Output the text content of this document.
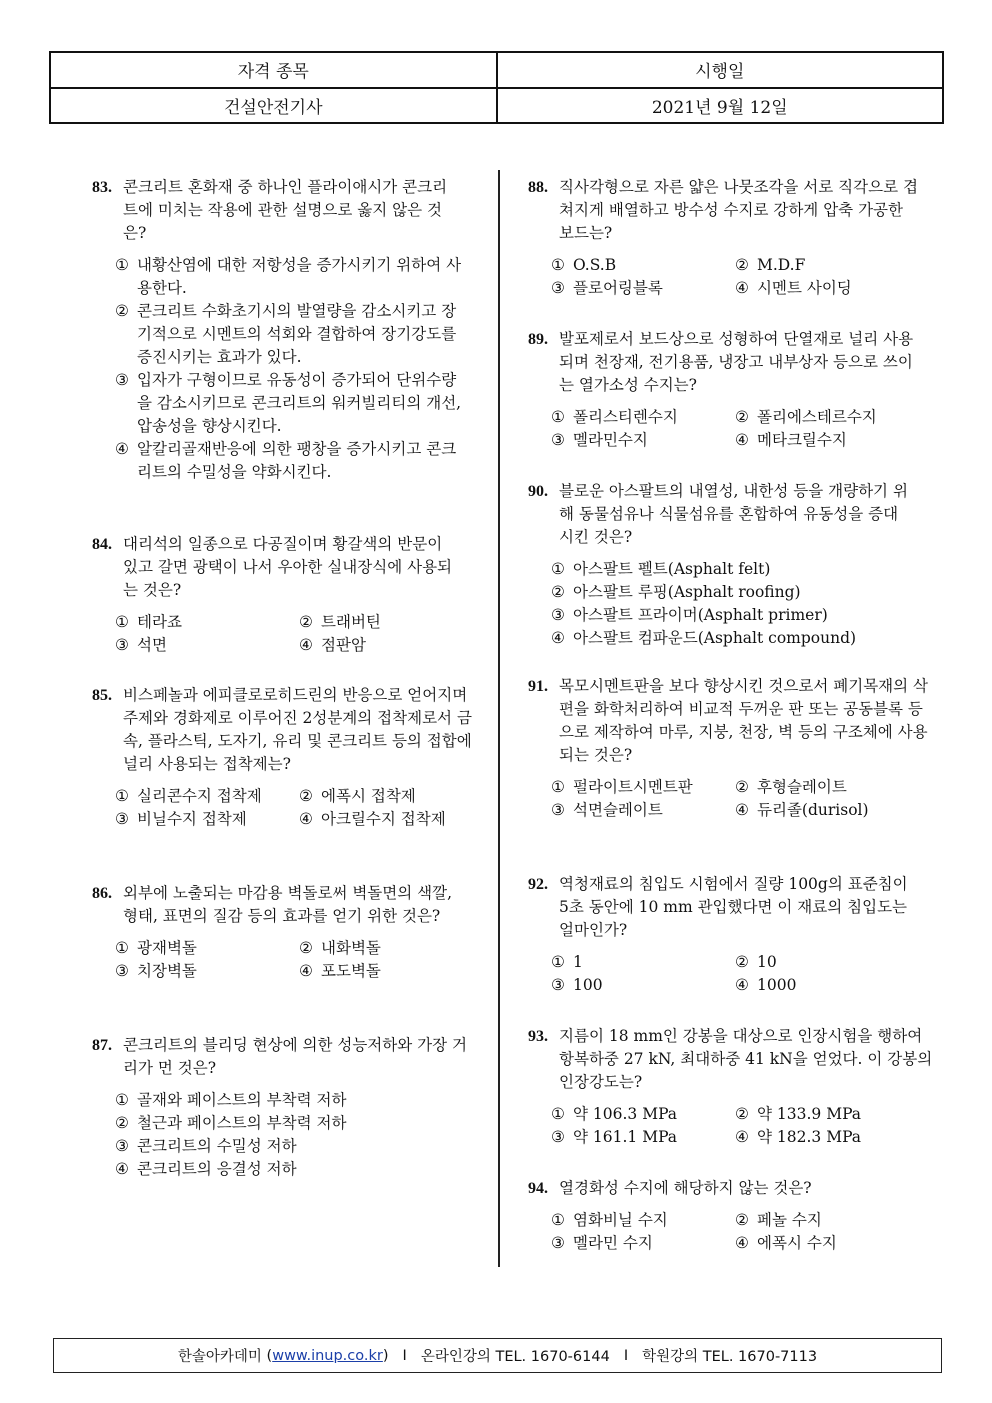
자격 종목	시행일
건설안전기사	2021년 9월 12일
83. 콘크리트 혼화재 중 하나인 플라이애시가 콘크리트에 미치는 작용에 관한 설명으로 옳지 않은 것은?
① 내황산염에 대한 저항성을 증가시키기 위하여 사용한다.
② 콘크리트 수화초기시의 발열량을 감소시키고 장기적으로 시멘트의 석회와 결합하여 장기강도를 증진시키는 효과가 있다.
③ 입자가 구형이므로 유동성이 증가되어 단위수량을 감소시키므로 콘크리트의 워커빌리티의 개선, 압송성을 향상시킨다.
④ 알칼리골재반응에 의한 팽창을 증가시키고 콘크리트의 수밀성을 약화시킨다.
84. 대리석의 일종으로 다공질이며 황갈색의 반문이 있고 갈면 광택이 나서 우아한 실내장식에 사용되는 것은?
① 테라죠	② 트래버틴
③ 석면	④ 점판암
85. 비스페놀과 에피클로로히드린의 반응으로 얻어지며 주제와 경화제로 이루어진 2성분계의 접착제로서 금속, 플라스틱, 도자기, 유리 및 콘크리트 등의 접합에 널리 사용되는 접착제는?
① 실리콘수지 접착제	② 에폭시 접착제
③ 비닐수지 접착제	④ 아크릴수지 접착제
86. 외부에 노출되는 마감용 벽돌로써 벽돌면의 색깔, 형태, 표면의 질감 등의 효과를 얻기 위한 것은?
① 광재벽돌	② 내화벽돌
③ 치장벽돌	④ 포도벽돌
87. 콘크리트의 블리딩 현상에 의한 성능저하와 가장 거리가 먼 것은?
① 골재와 페이스트의 부착력 저하
② 철근과 페이스트의 부착력 저하
③ 콘크리트의 수밀성 저하
④ 콘크리트의 응결성 저하
88. 직사각형으로 자른 얇은 나뭇조각을 서로 직각으로 겹쳐지게 배열하고 방수성 수지로 강하게 압축 가공한 보드는?
① O.S.B	② M.D.F
③ 플로어링블록	④ 시멘트 사이딩
89. 발포제로서 보드상으로 성형하여 단열재로 널리 사용되며 천장재, 전기용품, 냉장고 내부상자 등으로 쓰이는 열가소성 수지는?
① 폴리스티렌수지	② 폴리에스테르수지
③ 멜라민수지	④ 메타크릴수지
90. 블로운 아스팔트의 내열성, 내한성 등을 개량하기 위해 동물섬유나 식물섬유를 혼합하여 유동성을 증대시킨 것은?
① 아스팔트 펠트(Asphalt felt)
② 아스팔트 루핑(Asphalt roofing)
③ 아스팔트 프라이머(Asphalt primer)
④ 아스팔트 컴파운드(Asphalt compound)
91. 목모시멘트판을 보다 향상시킨 것으로서 폐기목재의 삭편을 화학처리하여 비교적 두꺼운 판 또는 공동블록 등으로 제작하여 마루, 지붕, 천장, 벽 등의 구조체에 사용되는 것은?
① 펄라이트시멘트판	② 후형슬레이트
③ 석면슬레이트	④ 듀리졸(durisol)
92. 역청재료의 침입도 시험에서 질량 100g의 표준침이 5초 동안에 10 mm 관입했다면 이 재료의 침입도는 얼마인가?
① 1	② 10
③ 100	④ 1000
93. 지름이 18 mm인 강봉을 대상으로 인장시험을 행하여 항복하중 27 kN, 최대하중 41 kN을 얻었다. 이 강봉의 인장강도는?
① 약 106.3 MPa	② 약 133.9 MPa
③ 약 161.1 MPa	④ 약 182.3 MPa
94. 열경화성 수지에 해당하지 않는 것은?
① 염화비닐 수지	② 페놀 수지
③ 멜라민 수지	④ 에폭시 수지
한솔아카데미
( www.inup.co.kr ) I 온라인강의 TEL. 1670-6144 I 학원강의 TEL. 1670-7113
